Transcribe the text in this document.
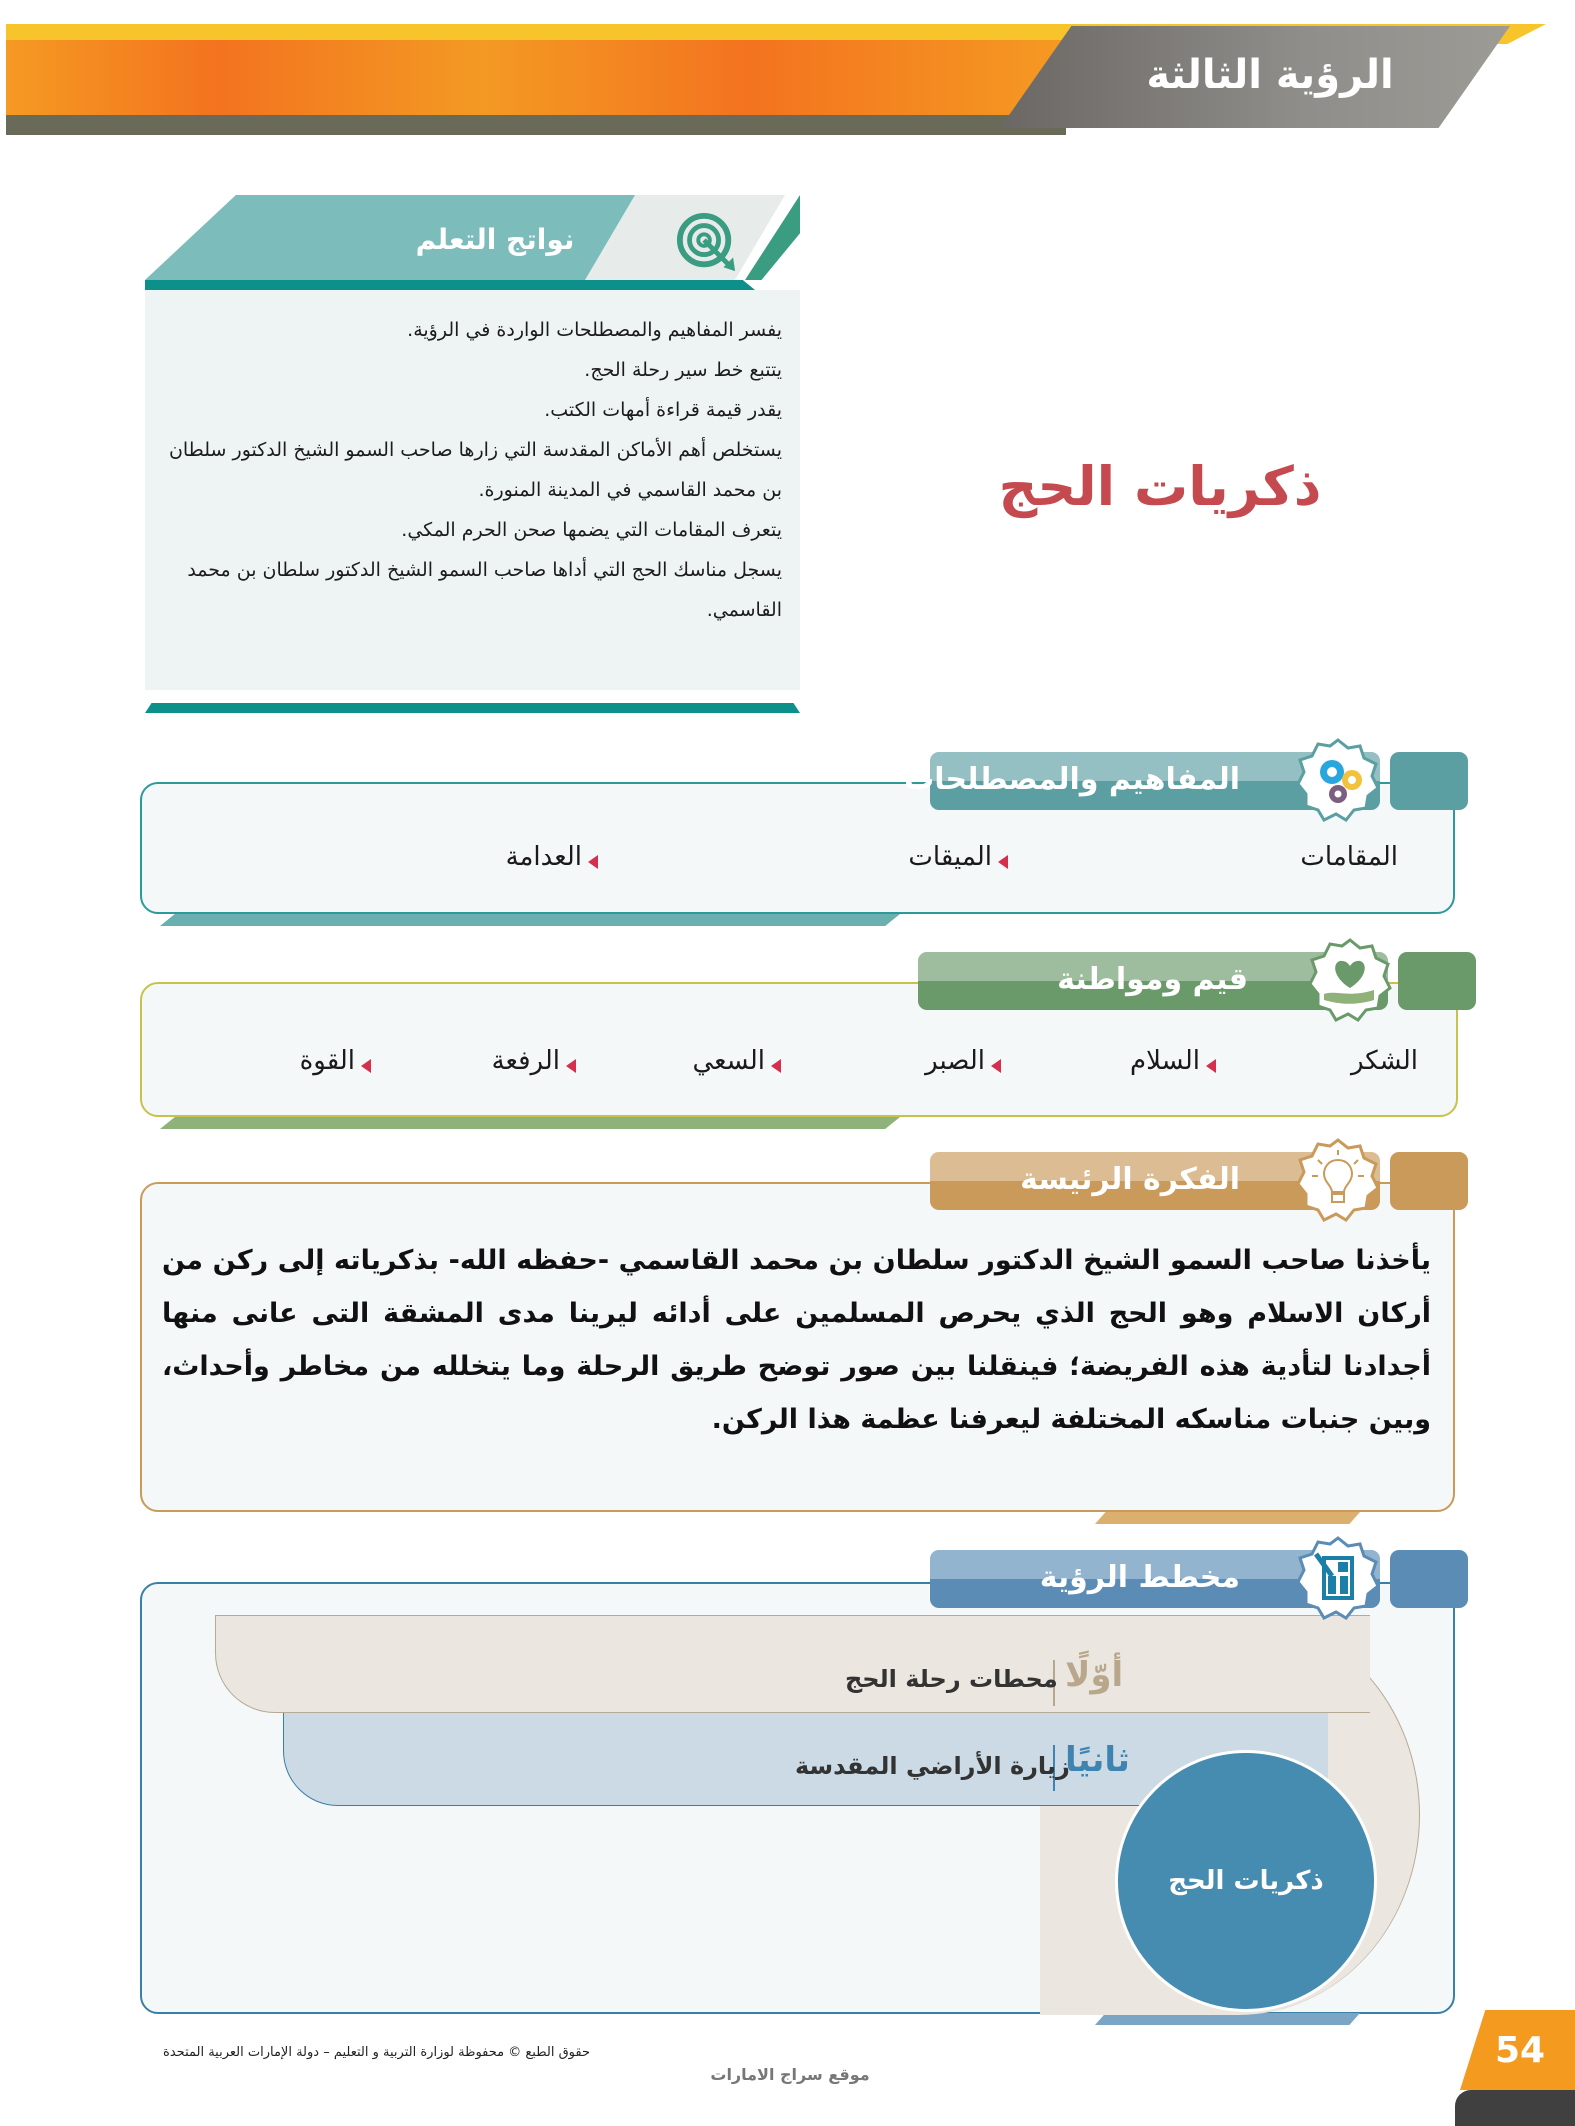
الرؤية الثالثة
نواتج التعلم
يفسر المفاهيم والمصطلحات الواردة في الرؤية.
يتتبع خط سير رحلة الحج.
يقدر قيمة قراءة أمهات الكتب.
يستخلص أهم الأماكن المقدسة التي زارها صاحب السمو الشيخ الدكتور سلطان بن محمد القاسمي في المدينة المنورة.
يتعرف المقامات التي يضمها صحن الحرم المكي.
يسجل مناسك الحج التي أداها صاحب السمو الشيخ الدكتور سلطان بن محمد القاسمي.
ذكريات الحج
المقامات
الميقات
العدامة
المفاهيم والمصطلحات
الشكر
السلام
الصبر
السعي
الرفعة
القوة
قيم ومواطنة

يأخذنا صاحب السمو الشيخ الدكتور سلطان بن محمد القاسمي -حفظه الله- بذكرياته إلى ركن من أركان الاسلام وهو الحج الذي يحرص المسلمين على أدائه ليرينا مدى المشقة التى عانى منها أجدادنا لتأدية هذه الفريضة؛ فينقلنا بين صور توضح طريق الرحلة وما يتخلله من مخاطر وأحداث، وبين جنبات مناسكه المختلفة ليعرفنا عظمة هذا الركن.

الفكرة الرئيسة
أوّلًا
محطات رحلة الحج
ثانيًا
زيارة الأراضي المقدسة
ذكريات الحج
مخطط الرؤية
54
حقوق الطبع © محفوظة لوزارة التربية و التعليم – دولة الإمارات العربية المتحدة
موقع سراج الامارات
